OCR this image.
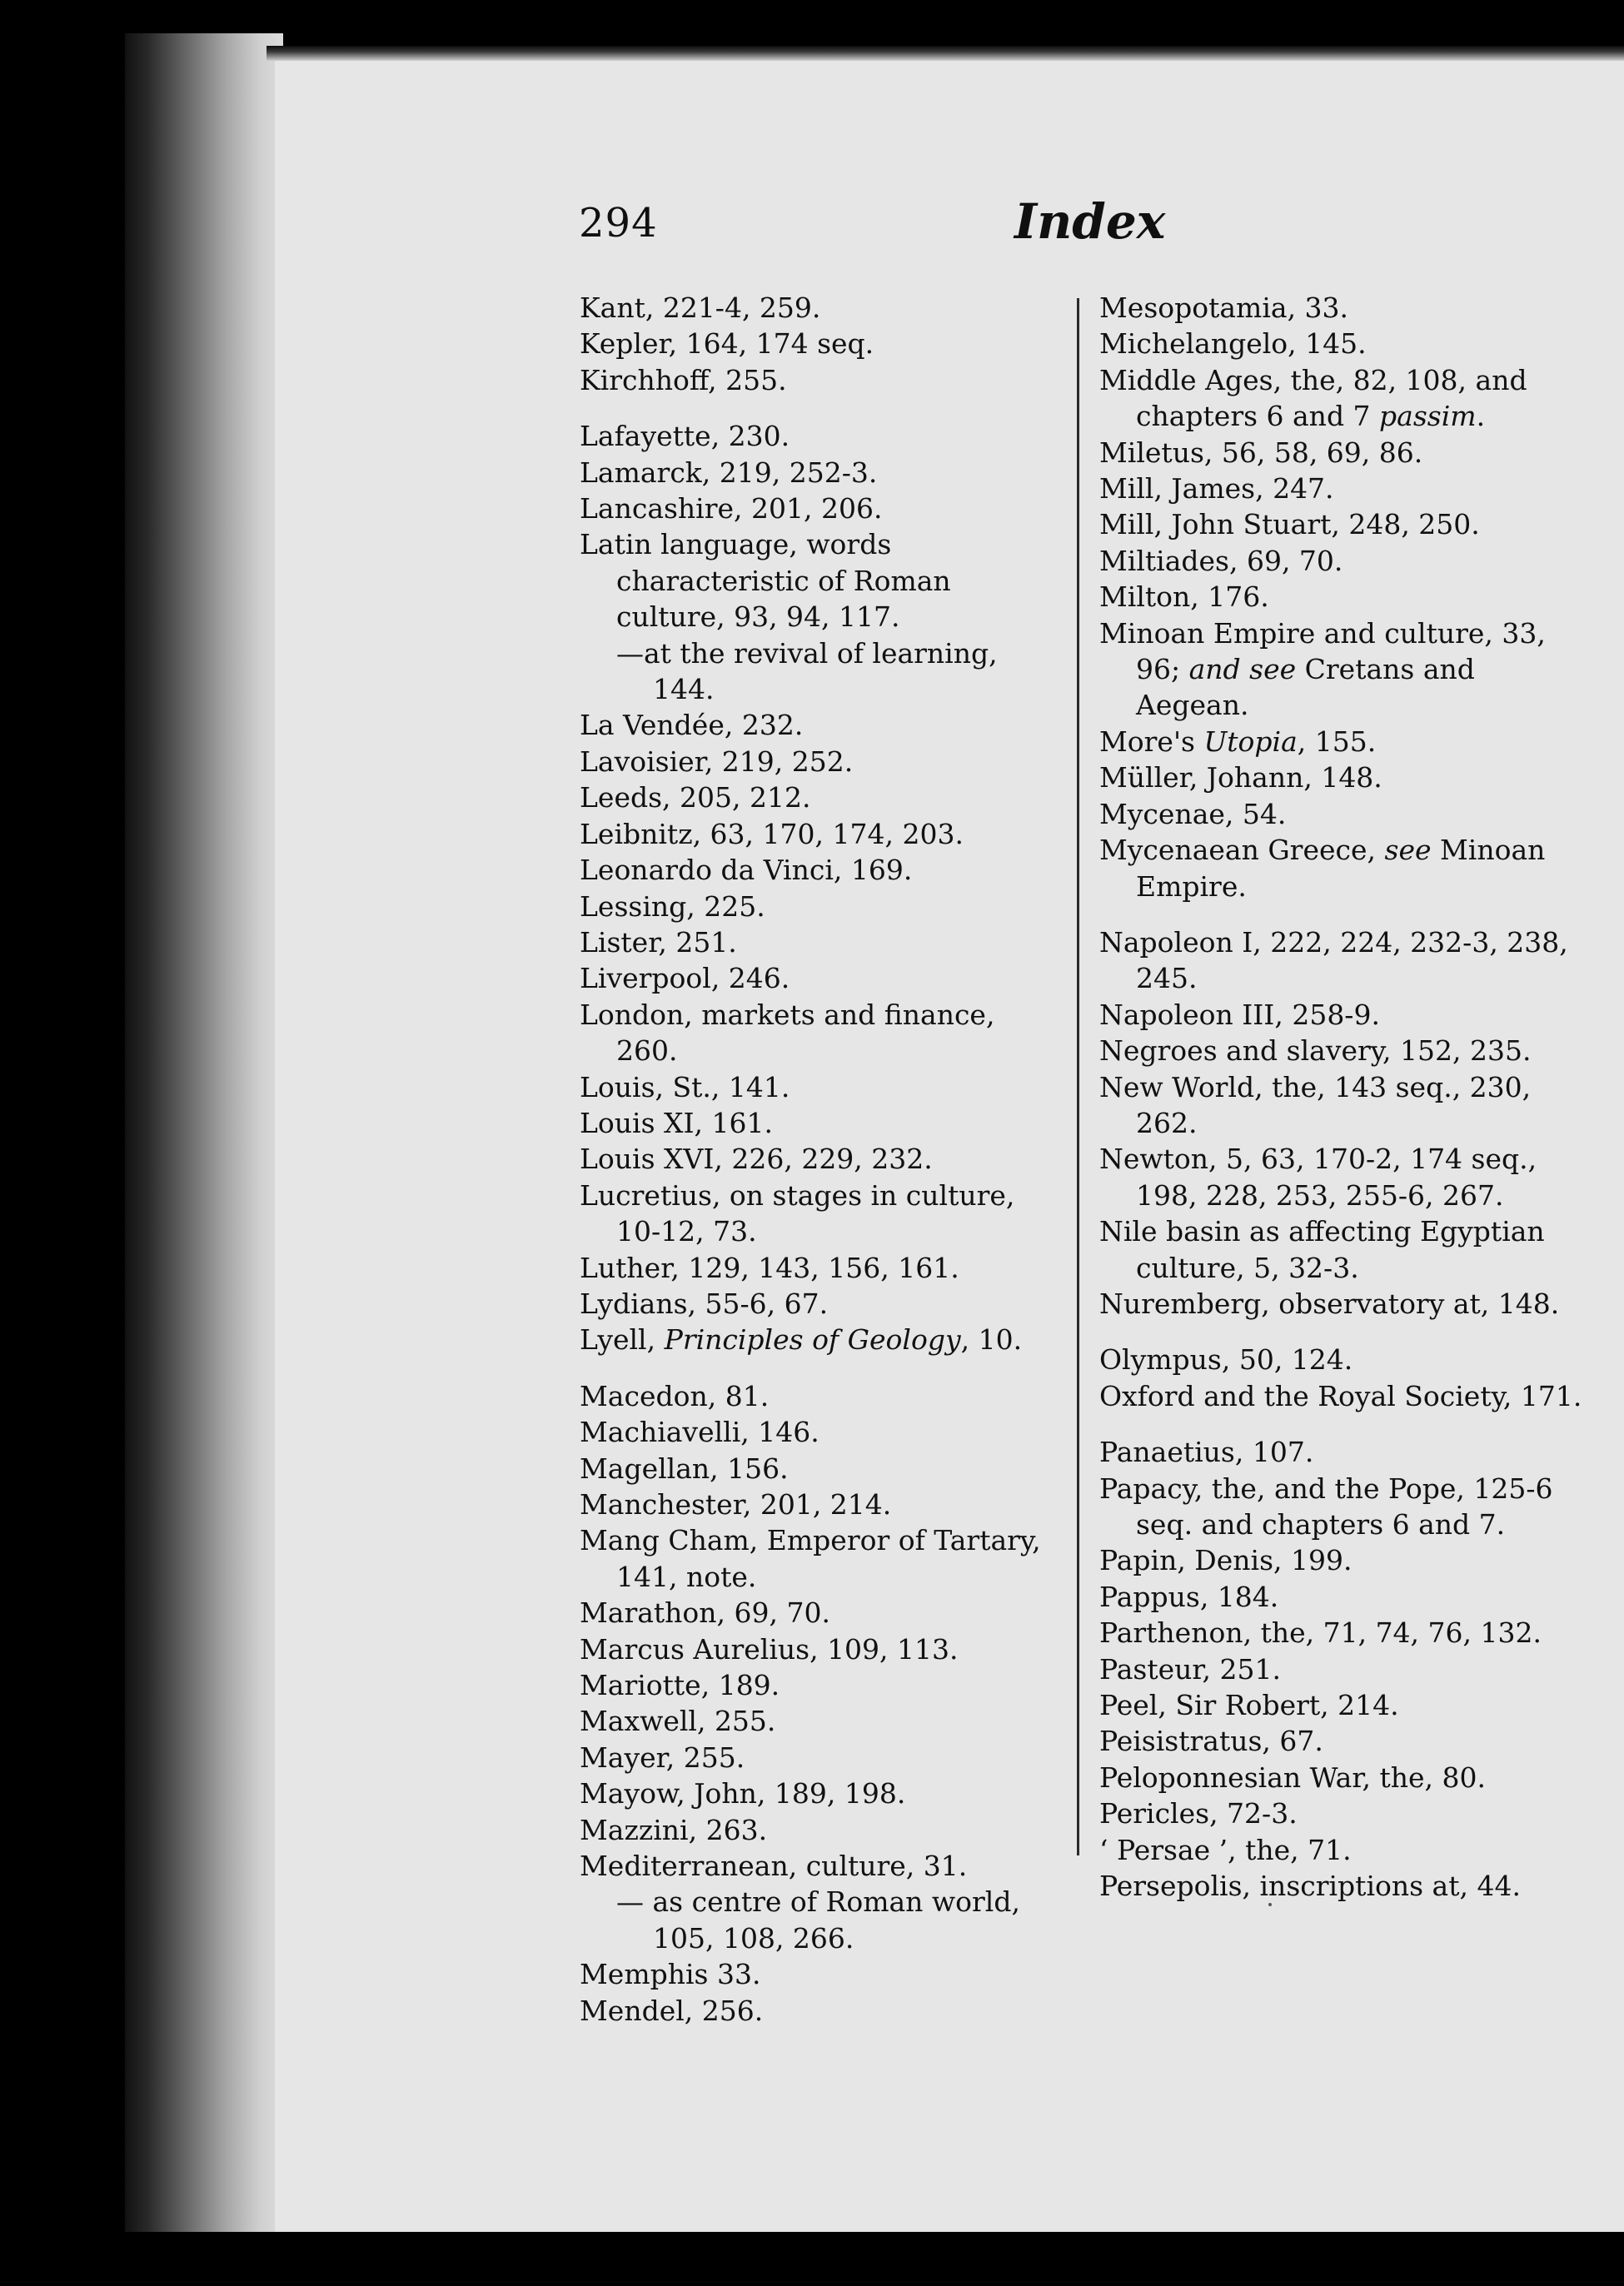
294	Index
Kant, 221-4, 259.
Kepler, 164, 174 seq.
Kirchhoff, 255.
Lafayette, 230.
Lamarck, 219, 252-3.
Lancashire, 201, 206.
Latin language, words characteristic of Roman culture, 93, 94, 117.
—at the revival of learning, 144.
La Vendée, 232.
Lavoisier, 219, 252.
Leeds, 205, 212.
Leibnitz, 63, 170, 174, 203.
Leonardo da Vinci, 169.
Lessing, 225.
Lister, 251.
Liverpool, 246.
London, markets and finance, 260.
Louis, St., 141.
Louis XI, 161.
Louis XVI, 226, 229, 232.
Lucretius, on stages in culture, 10-12, 73.
Luther, 129, 143, 156, 161.
Lydians, 55-6, 67.
Lyell, Principles of Geology, 10.
Macedon, 81.
Machiavelli, 146.
Magellan, 156.
Manchester, 201, 214.
Mang Cham, Emperor of Tartary, 141, note.
Marathon, 69, 70.
Marcus Aurelius, 109, 113.
Mariotte, 189.
Maxwell, 255.
Mayer, 255.
Mayow, John, 189, 198.
Mazzini, 263.
Mediterranean, culture, 31.
— as centre of Roman world, 105, 108, 266.
Memphis 33.
Mendel, 256.
Mesopotamia, 33.
Michelangelo, 145.
Middle Ages, the, 82, 108, and chapters 6 and 7 passim.
Miletus, 56, 58, 69, 86.
Mill, James, 247.
Mill, John Stuart, 248, 250.
Miltiades, 69, 70.
Milton, 176.
Minoan Empire and culture, 33, 96; and see Cretans and Aegean.
More's Utopia, 155.
Müller, Johann, 148.
Mycenae, 54.
Mycenaean Greece, see Minoan Empire.
Napoleon I, 222, 224, 232-3, 238, 245.
Napoleon III, 258-9.
Negroes and slavery, 152, 235.
New World, the, 143 seq., 230, 262.
Newton, 5, 63, 170-2, 174 seq., 198, 228, 253, 255-6, 267.
Nile basin as affecting Egyptian culture, 5, 32-3.
Nuremberg, observatory at, 148.
Olympus, 50, 124.
Oxford and the Royal Society, 171.
Panaetius, 107.
Papacy, the, and the Pope, 125-6 seq. and chapters 6 and 7.
Papin, Denis, 199.
Pappus, 184.
Parthenon, the, 71, 74, 76, 132.
Pasteur, 251.
Peel, Sir Robert, 214.
Peisistratus, 67.
Peloponnesian War, the, 80.
Pericles, 72-3.
‘ Persae ’, the, 71.
Persepolis, inscriptions at, 44.
